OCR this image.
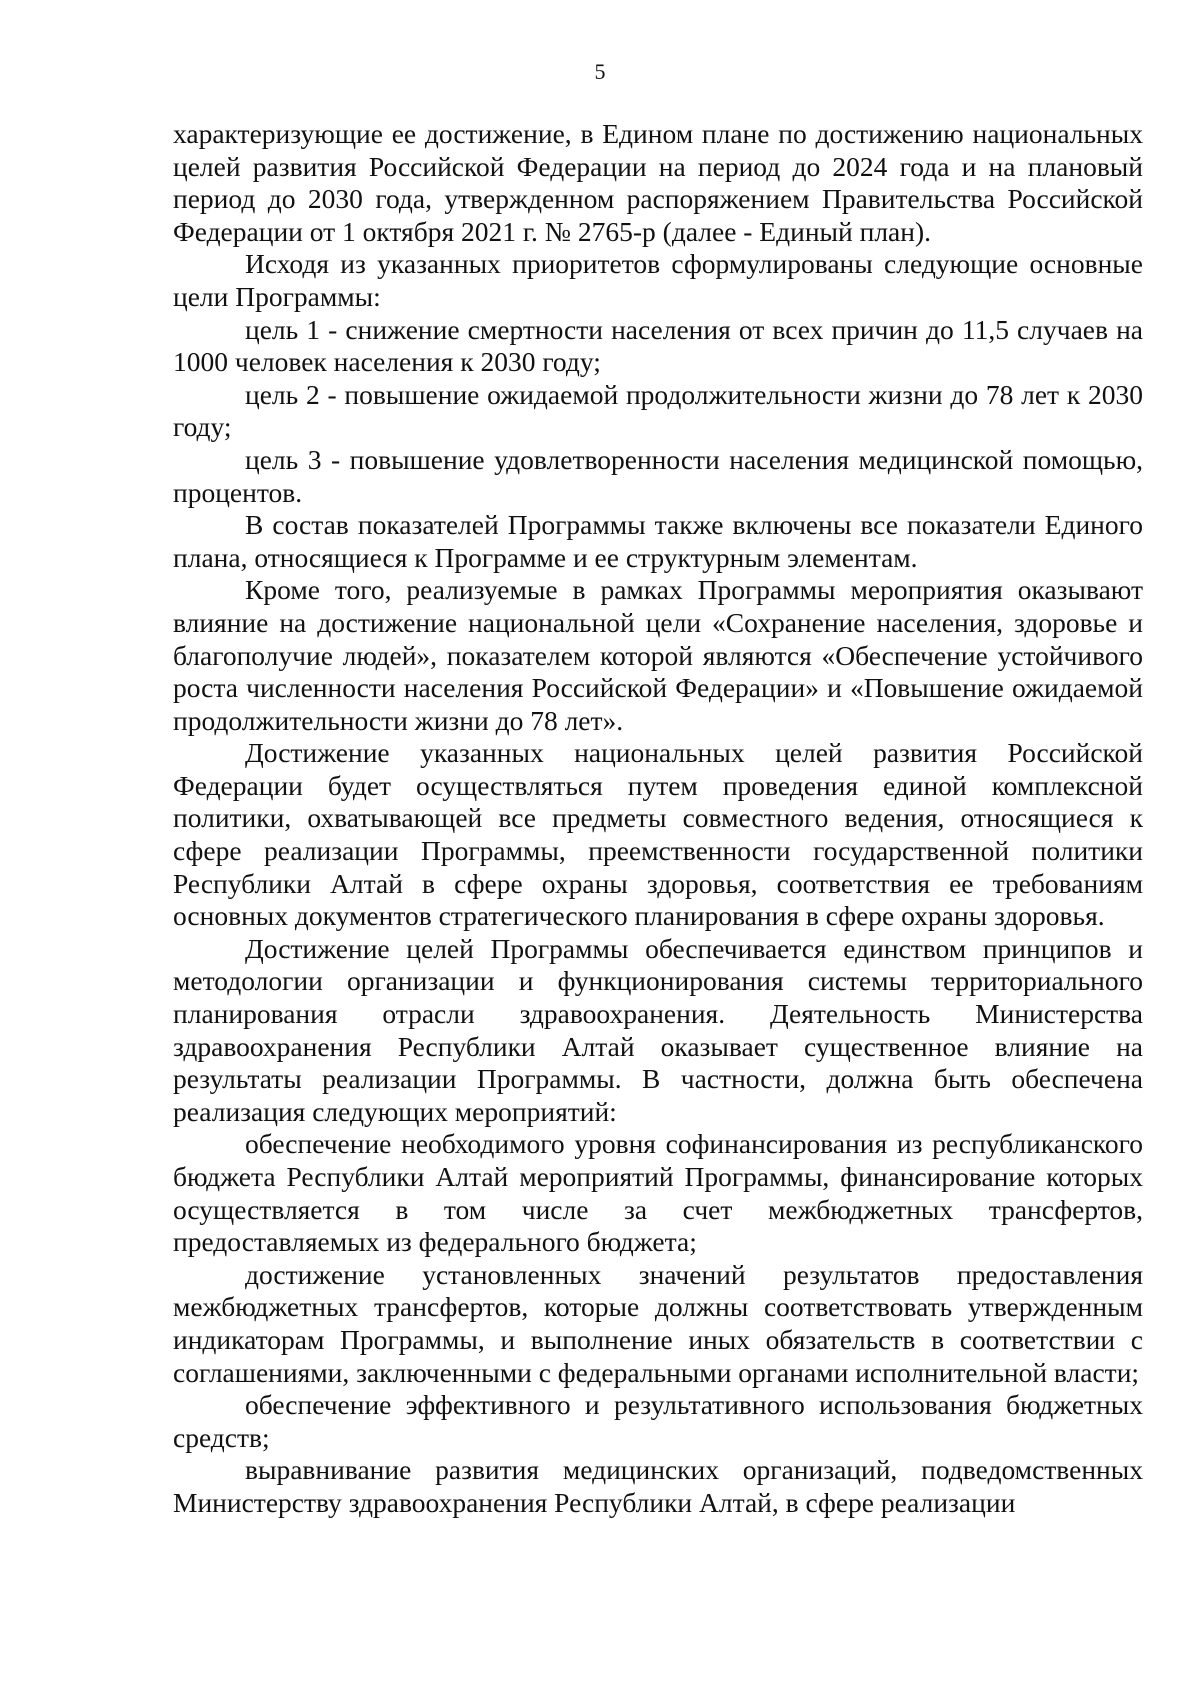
5

характеризующие ее достижение, в Едином плане по достижению национальных целей развития Российской Федерации на период до 2024 года и на плановый период до 2030 года, утвержденном распоряжением Правительства Российской Федерации от 1 октября 2021 г. № 2765-р (далее - Единый план).

Исходя из указанных приоритетов сформулированы следующие основные цели Программы:

цель 1 - снижение смертности населения от всех причин до 11,5 случаев на 1000 человек населения к 2030 году;

цель 2 - повышение ожидаемой продолжительности жизни до 78 лет к 2030 году;

цель 3 - повышение удовлетворенности населения медицинской помощью, процентов.

В состав показателей Программы также включены все показатели Единого плана, относящиеся к Программе и ее структурным элементам.

Кроме того, реализуемые в рамках Программы мероприятия оказывают влияние на достижение национальной цели «Сохранение населения, здоровье и благополучие людей», показателем которой являются «Обеспечение устойчивого роста численности населения Российской Федерации» и «Повышение ожидаемой продолжительности жизни до 78 лет».

Достижение указанных национальных целей развития Российской Федерации будет осуществляться путем проведения единой комплексной политики, охватывающей все предметы совместного ведения, относящиеся к сфере реализации Программы, преемственности государственной политики Республики Алтай в сфере охраны здоровья, соответствия ее требованиям основных документов стратегического планирования в сфере охраны здоровья.

Достижение целей Программы обеспечивается единством принципов и методологии организации и функционирования системы территориального планирования отрасли здравоохранения. Деятельность Министерства здравоохранения Республики Алтай оказывает существенное влияние на результаты реализации Программы. В частности, должна быть обеспечена реализация следующих мероприятий:

обеспечение необходимого уровня софинансирования из республиканского бюджета Республики Алтай мероприятий Программы, финансирование которых осуществляется в том числе за счет межбюджетных трансфертов, предоставляемых из федерального бюджета;

достижение установленных значений результатов предоставления межбюджетных трансфертов, которые должны соответствовать утвержденным индикаторам Программы, и выполнение иных обязательств в соответствии с соглашениями, заключенными с федеральными органами исполнительной власти;

обеспечение эффективного и результативного использования бюджетных средств;

выравнивание развития медицинских организаций, подведомственных Министерству здравоохранения Республики Алтай, в сфере реализации
